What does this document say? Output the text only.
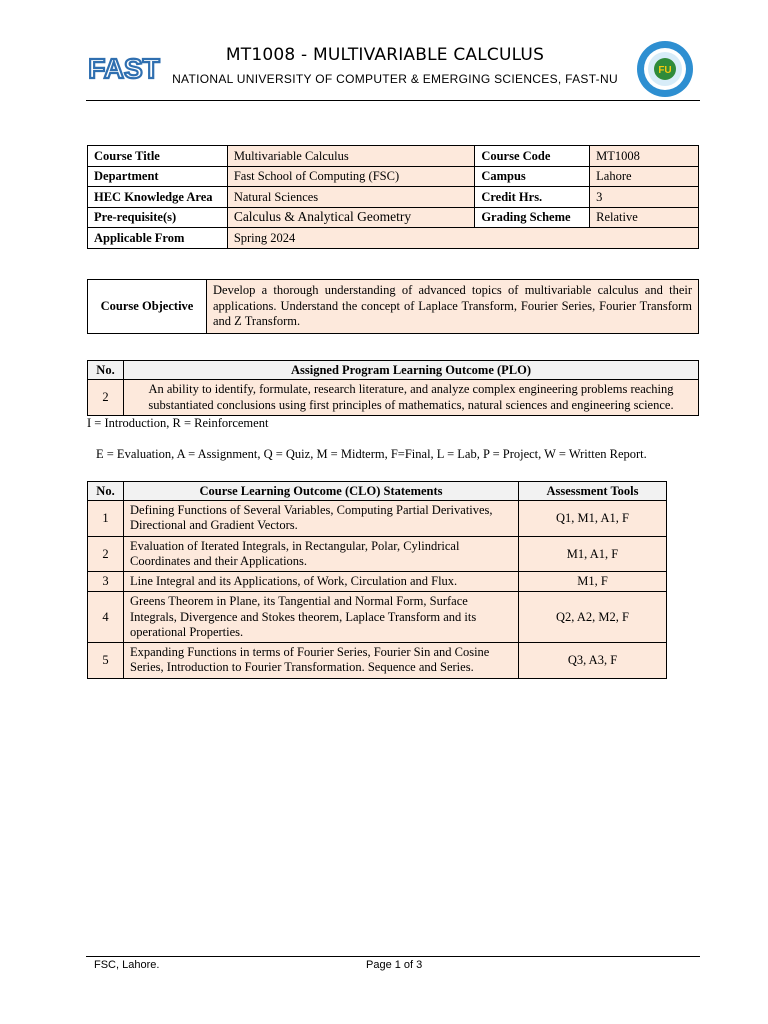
FAST	MT1008 - MULTIVARIABLE CALCULUS
NATIONAL UNIVERSITY OF COMPUTER & EMERGING SCIENCES, FAST-NU
FU
Course Title	Multivariable Calculus	Course Code	MT1008
Department	Fast School of Computing (FSC)	Campus	Lahore
HEC Knowledge Area	Natural Sciences	Credit Hrs.	3
Pre-requisite(s)	Calculus & Analytical Geometry	Grading Scheme	Relative
Applicable From	Spring 2024		
Course Objective	Develop a thorough understanding of advanced topics of multivariable calculus and their applications. Understand the concept of Laplace Transform, Fourier Series, Fourier Transform and Z Transform.
No.	Assigned Program Learning Outcome (PLO)
2	An ability to identify, formulate, research literature, and analyze complex engineering problems reaching substantiated conclusions using first principles of mathematics, natural sciences and engineering science.
I = Introduction, R = Reinforcement
E = Evaluation, A = Assignment, Q = Quiz, M = Midterm, F=Final, L = Lab, P = Project, W = Written Report.
No.	Course Learning Outcome (CLO) Statements	Assessment Tools
1	Defining Functions of Several Variables, Computing Partial Derivatives, Directional and Gradient Vectors.	Q1, M1, A1, F
2	Evaluation of Iterated Integrals, in Rectangular, Polar, Cylindrical Coordinates and their Applications.	M1, A1, F
3	Line Integral and its Applications, of Work, Circulation and Flux.	M1, F
4	Greens Theorem in Plane, its Tangential and Normal Form, Surface Integrals, Divergence and Stokes theorem, Laplace Transform and its operational Properties.	Q2, A2, M2, F
5	Expanding Functions in terms of Fourier Series, Fourier Sin and Cosine Series, Introduction to Fourier Transformation. Sequence and Series.	Q3, A3, F
FSC, Lahore.	Page 1 of 3
